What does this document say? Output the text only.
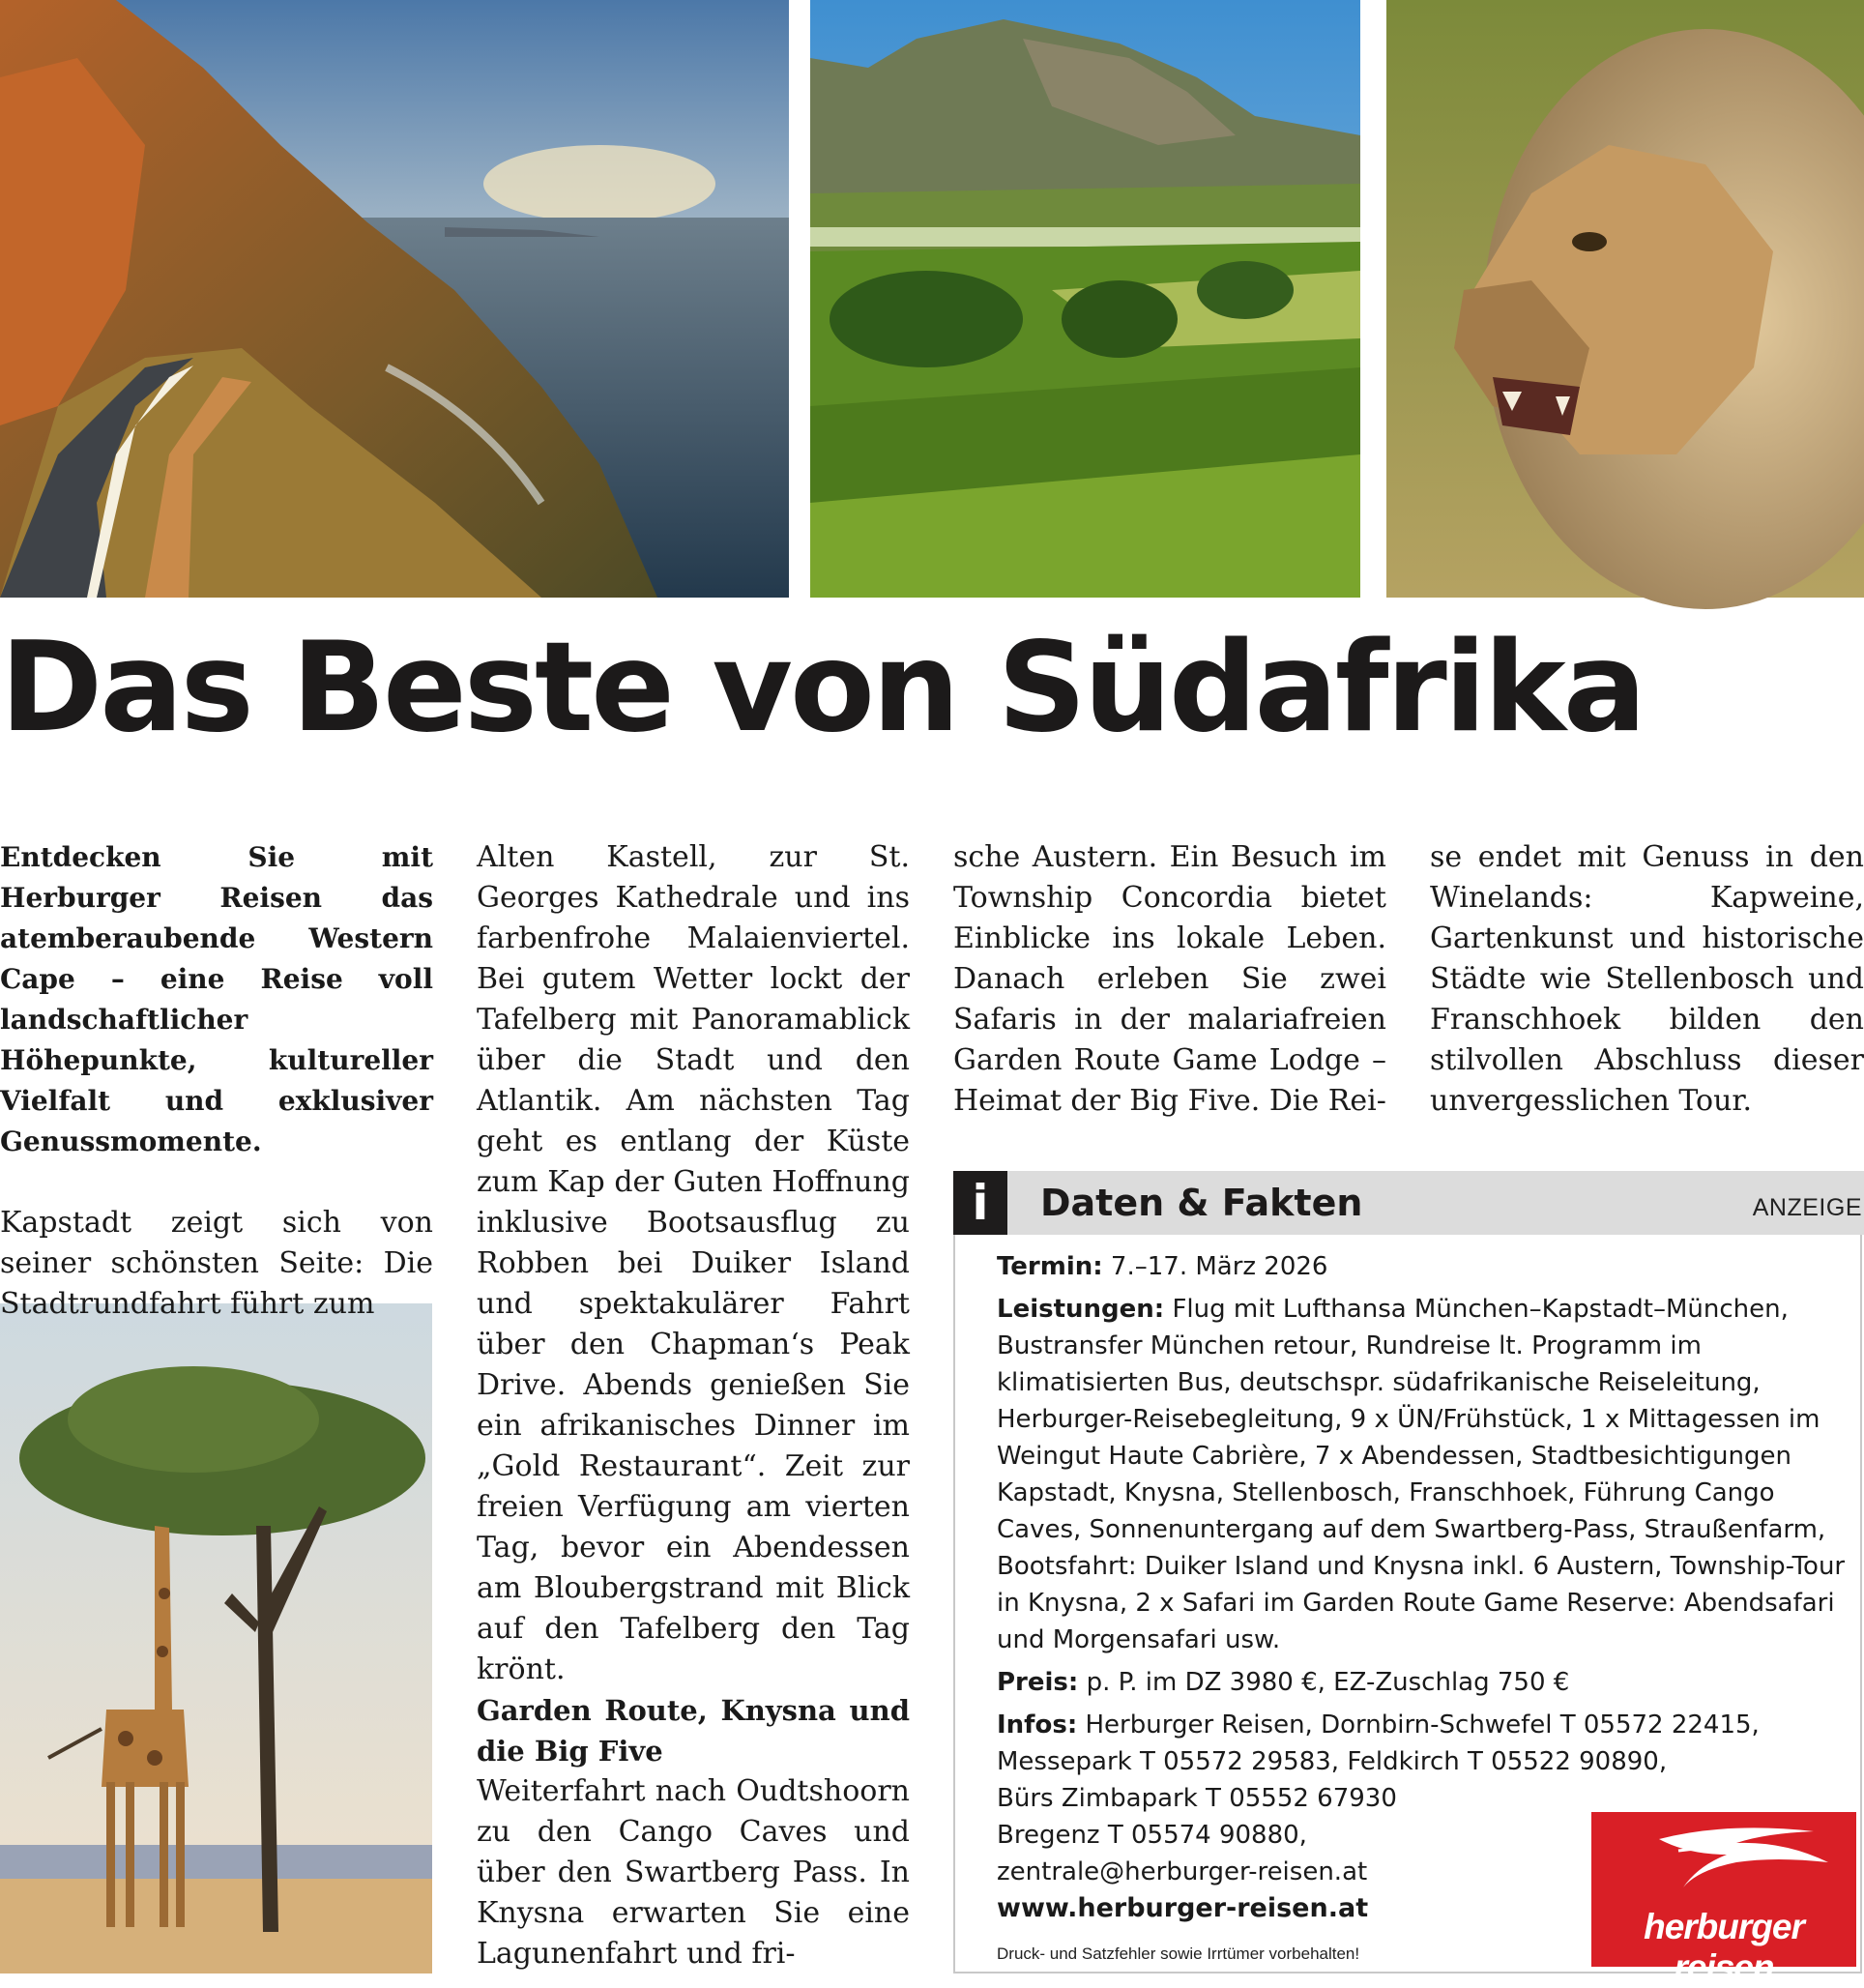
Das Beste von Südafrika

Entdecken Sie mit Herburger Reisen das atemberaubende Western Cape – eine Reise voll landschaftlicher Höhepunkte, kultureller Vielfalt und exklusiver Genussmomente.

Kapstadt zeigt sich von seiner schönsten Seite: Die Stadtrundfahrt führt zum

Alten Kastell, zur St. Georges Kathedrale und ins farbenfrohe Malaienviertel. Bei gutem Wetter lockt der Tafelberg mit Panoramablick über die Stadt und den Atlantik. Am nächsten Tag geht es entlang der Küste zum Kap der Guten Hoffnung inklusive Bootsausflug zu Robben bei Duiker Island und spektakulärer Fahrt über den Chapman‘s Peak Drive. Abends genießen Sie ein afrikanisches Dinner im „Gold Restaurant“. Zeit zur freien Verfügung am vierten Tag, bevor ein Abendessen am Bloubergstrand mit Blick auf den Tafelberg den Tag krönt.

Garden Route, Knysna und die Big Five

Weiterfahrt nach Oudtshoorn zu den Cango Caves und über den Swartberg Pass. In Knysna erwarten Sie eine Lagunenfahrt und fri-

sche Austern. Ein Besuch im Township Concordia bietet Einblicke ins lokale Leben. Danach erleben Sie zwei Safaris in der malariafreien Garden Route Game Lodge – Heimat der Big Five. Die Rei-

se endet mit Genuss in den Winelands: Kapweine, Gartenkunst und historische Städte wie Stellenbosch und Franschhoek bilden den stilvollen Abschluss dieser unvergesslichen Tour.

i	Daten & Fakten	ANZEIGE

Termin: 7.–17. März 2026

Leistungen: Flug mit Lufthansa München–Kapstadt–München, Bustransfer München retour, Rundreise lt. Programm im klimatisierten Bus, deutschspr. südafrikanische Reiseleitung, Herburger-Reisebegleitung, 9 x ÜN/Frühstück, 1 x Mittagessen im Weingut Haute Cabrière, 7 x Abendessen, Stadtbesichtigungen Kapstadt, Knysna, Stellenbosch, Franschhoek, Führung Cango Caves, Sonnenuntergang auf dem Swartberg-Pass, Straußenfarm, Bootsfahrt: Duiker Island und Knysna inkl. 6 Austern, Township-Tour in Knysna, 2 x Safari im Garden Route Game Reserve: Abendsafari und Morgensafari usw.

Preis: p. P. im DZ 3980 €, EZ-Zuschlag 750 €

Infos: Herburger Reisen, Dornbirn-Schwefel T 05572 22415,
Messepark T 05572 29583, Feldkirch T 05522 90890,
Bürs Zimbapark T 05552 67930
Bregenz T 05574 90880,
zentrale@herburger-reisen.at
www.herburger-reisen.at
Druck- und Satzfehler sowie Irrtümer vorbehalten!
herburger reisen
